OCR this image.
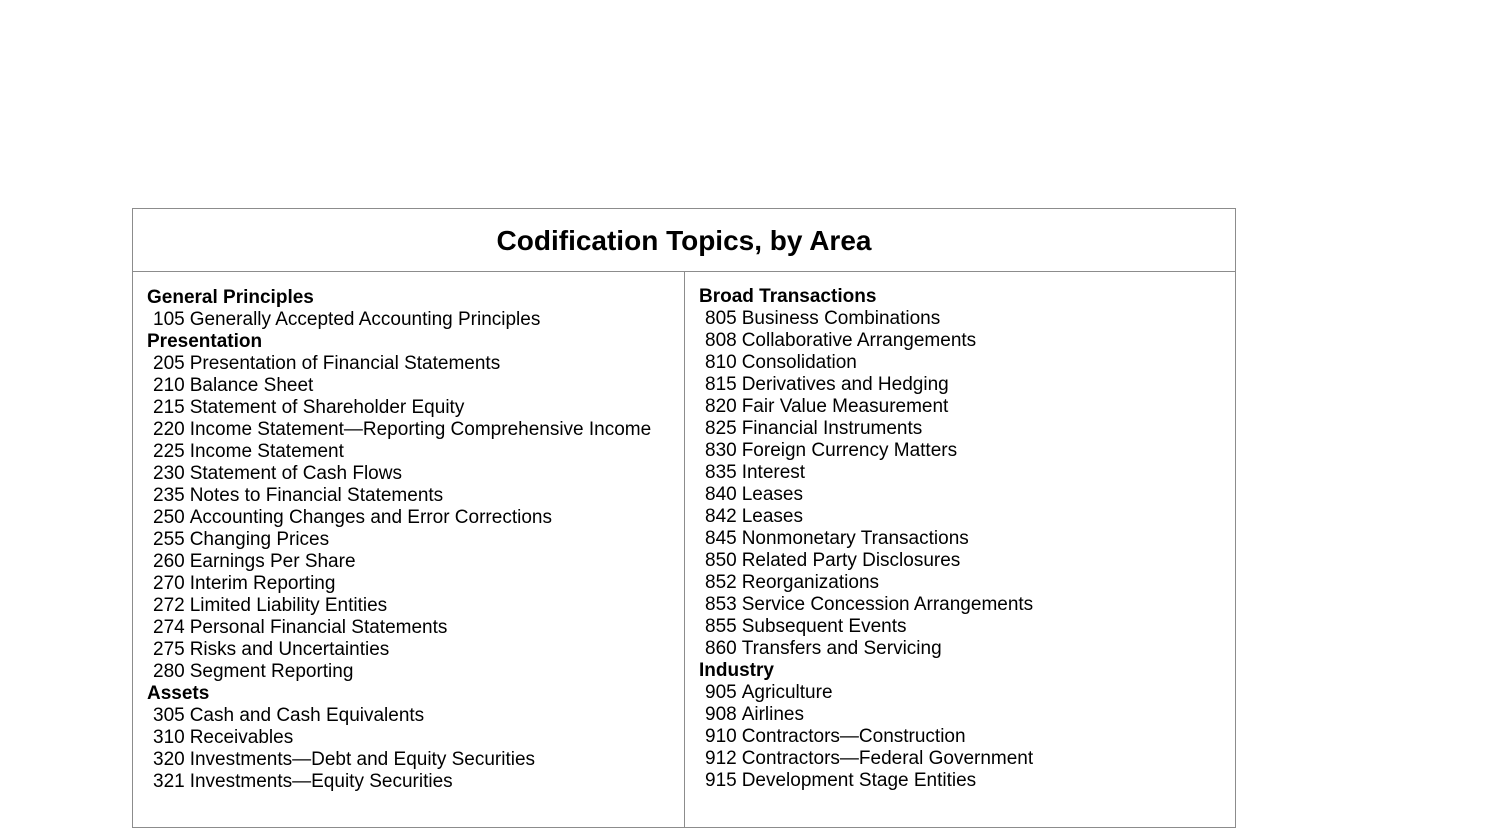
Codification Topics, by Area
General Principles
105 Generally Accepted Accounting Principles
Presentation
205 Presentation of Financial Statements
210 Balance Sheet
215 Statement of Shareholder Equity
220 Income Statement—Reporting Comprehensive Income
225 Income Statement
230 Statement of Cash Flows
235 Notes to Financial Statements
250 Accounting Changes and Error Corrections
255 Changing Prices
260 Earnings Per Share
270 Interim Reporting
272 Limited Liability Entities
274 Personal Financial Statements
275 Risks and Uncertainties
280 Segment Reporting
Assets
305 Cash and Cash Equivalents
310 Receivables
320 Investments—Debt and Equity Securities
321 Investments—Equity Securities
Broad Transactions
805 Business Combinations
808 Collaborative Arrangements
810 Consolidation
815 Derivatives and Hedging
820 Fair Value Measurement
825 Financial Instruments
830 Foreign Currency Matters
835 Interest
840 Leases
842 Leases
845 Nonmonetary Transactions
850 Related Party Disclosures
852 Reorganizations
853 Service Concession Arrangements
855 Subsequent Events
860 Transfers and Servicing
Industry
905 Agriculture
908 Airlines
910 Contractors—Construction
912 Contractors—Federal Government
915 Development Stage Entities
